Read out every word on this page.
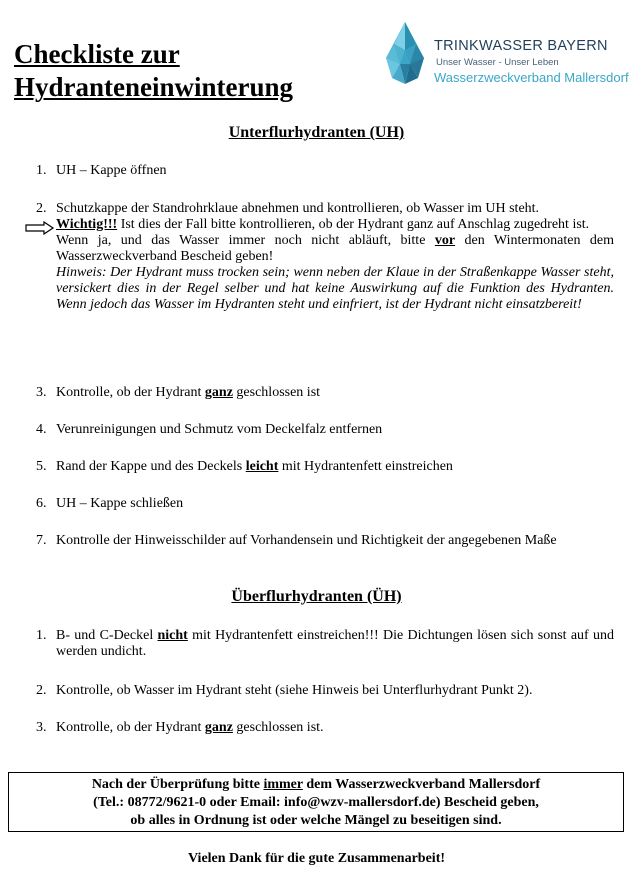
Checkliste zur
Hydranteneinwinterung
TRINKWASSER BAYERN
Unser Wasser - Unser Leben
Wasserzweckverband Mallersdorf
Unterflurhydranten (UH)
1. UH – Kappe öffnen
2. Schutzkappe der Standrohrklaue abnehmen und kontrollieren, ob Wasser im UH steht.
Wichtig!!! Ist dies der Fall bitte kontrollieren, ob der Hydrant ganz auf Anschlag zugedreht ist.
Wenn ja, und das Wasser immer noch nicht abläuft, bitte vor den Wintermonaten dem Wasserzweckverband Bescheid geben!
Hinweis: Der Hydrant muss trocken sein; wenn neben der Klaue in der Straßenkappe Wasser steht, versickert dies in der Regel selber und hat keine Auswirkung auf die Funktion des Hydranten. Wenn jedoch das Wasser im Hydranten steht und einfriert, ist der Hydrant nicht einsatzbereit!
3. Kontrolle, ob der Hydrant ganz geschlossen ist
4. Verunreinigungen und Schmutz vom Deckelfalz entfernen
5. Rand der Kappe und des Deckels leicht mit Hydrantenfett einstreichen
6. UH – Kappe schließen
7. Kontrolle der Hinweisschilder auf Vorhandensein und Richtigkeit der angegebenen Maße
Überflurhydranten (ÜH)
1. B- und C-Deckel nicht mit Hydrantenfett einstreichen!!! Die Dichtungen lösen sich sonst auf und werden undicht.
2. Kontrolle, ob Wasser im Hydrant steht (siehe Hinweis bei Unterflurhydrant Punkt 2).
3. Kontrolle, ob der Hydrant ganz geschlossen ist.
Nach der Überprüfung bitte immer dem Wasserzweckverband Mallersdorf
(Tel.: 08772/9621-0 oder Email: info@wzv-mallersdorf.de) Bescheid geben,
ob alles in Ordnung ist oder welche Mängel zu beseitigen sind.
Vielen Dank für die gute Zusammenarbeit!
